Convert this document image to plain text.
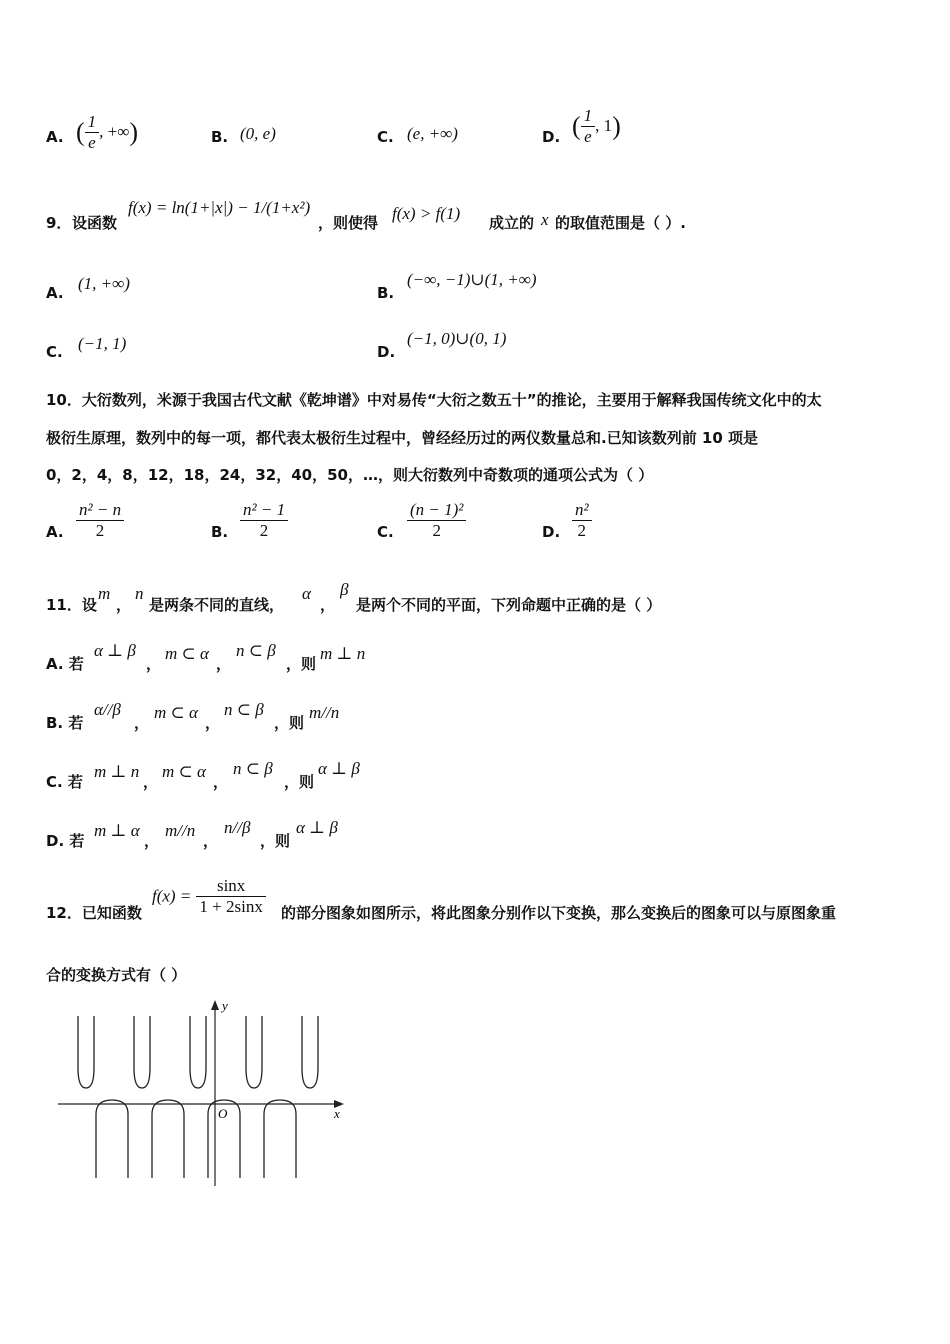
A. ( $\frac{1}{e}$ , +∞)	B. (0, e)	C. (e, +∞)	D. ( $\frac{1}{e}$ , 1)
9． 设函数
f(x) = ln(1+|x|) − 1/(1+x²)
，则使得 f(x) > f(1) 成立的 x 的取值范围是（ ）.
A. (1, +∞)	B.
(−∞, −1)∪(1, +∞)
C. (−1, 1)	D.
(−1, 0)∪(0, 1)
10．大衍数列，米源于我国古代文献《乾坤谱》中对易传“大衍之数五十”的推论，主要用于解释我国传统文化中的太
极衍生原理，数列中的每一项，都代表太极衍生过程中，曾经经历过的两仪数量总和.已知该数列前 10 项是
0，2，4，8，12，18，24，32，40，50，…，则大衍数列中奇数项的通项公式为（ ）
A. $\frac{\text{n² − n}}{2}$	B. $\frac{\text{n² − 1}}{2}$	C. $\frac{\text{(n − 1)²}}{2}$	D. $\frac{\text{n²}}{2}$
11．设
m
，
n
是两条不同的直线，
α
，
β
是两个不同的平面，下列命题中正确的是（ ）
A. 若
α ⊥ β
，
m ⊂ α
，
n ⊂ β
，则
m ⊥ n
B. 若
α//β
，
m ⊂ α
，
n ⊂ β
，则
m//n
C. 若
m ⊥ n
，
m ⊂ α
，
n ⊂ β
，则
α ⊥ β
D. 若
m ⊥ α
，
m//n
，
n//β
，则
α ⊥ β
12．已知函数
$f(x) = \frac{\sin x}{1 + 2\sin x}$ 的部分图象如图所示，将此图象分别作以下变换，那么变换后的图象可以与原图象重
合的变换方式有（ ）
x
y
O
